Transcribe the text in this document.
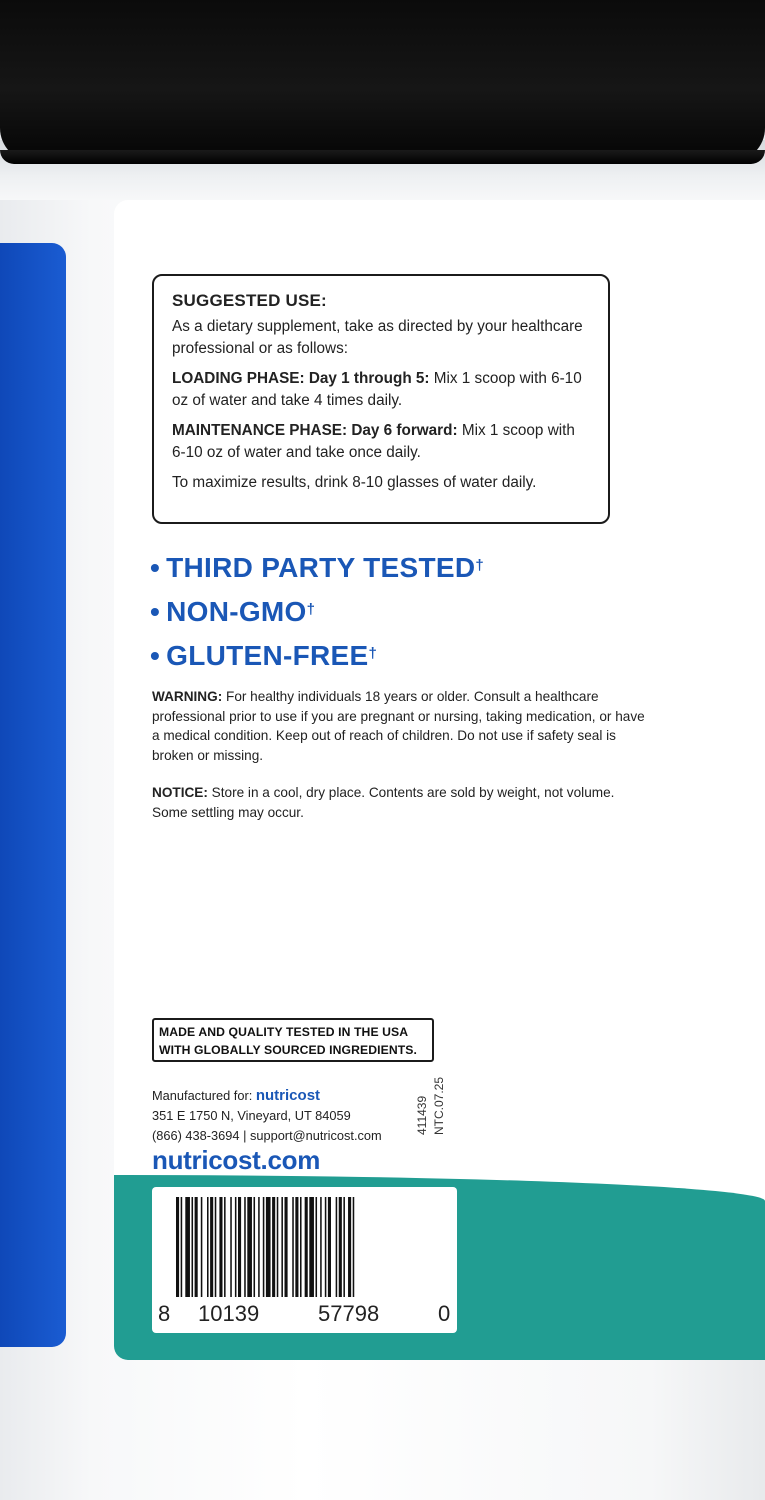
SUGGESTED USE:

As a dietary supplement, take as directed by your healthcare professional or as follows:

LOADING PHASE: Day 1 through 5: Mix 1 scoop with 6-10 oz of water and take 4 times daily.

MAINTENANCE PHASE: Day 6 forward: Mix 1 scoop with 6-10 oz of water and take once daily.

To maximize results, drink 8-10 glasses of water daily.

• THIRD PARTY TESTED†
• NON-GMO†
• GLUTEN-FREE†
WARNING: For healthy individuals 18 years or older. Consult a healthcare professional prior to use if you are pregnant or nursing, taking medication, or have a medical condition. Keep out of reach of children. Do not use if safety seal is broken or missing.
NOTICE: Store in a cool, dry place. Contents are sold by weight, not volume. Some settling may occur.
MADE AND QUALITY TESTED IN THE USA WITH GLOBALLY SOURCED INGREDIENTS.
Manufactured for: nutricost
351 E 1750 N, Vineyard, UT 84059
(866) 438-3694 | support@nutricost.com
nutricost.com
411439 NTC.07.25
8 10139	57798	0
